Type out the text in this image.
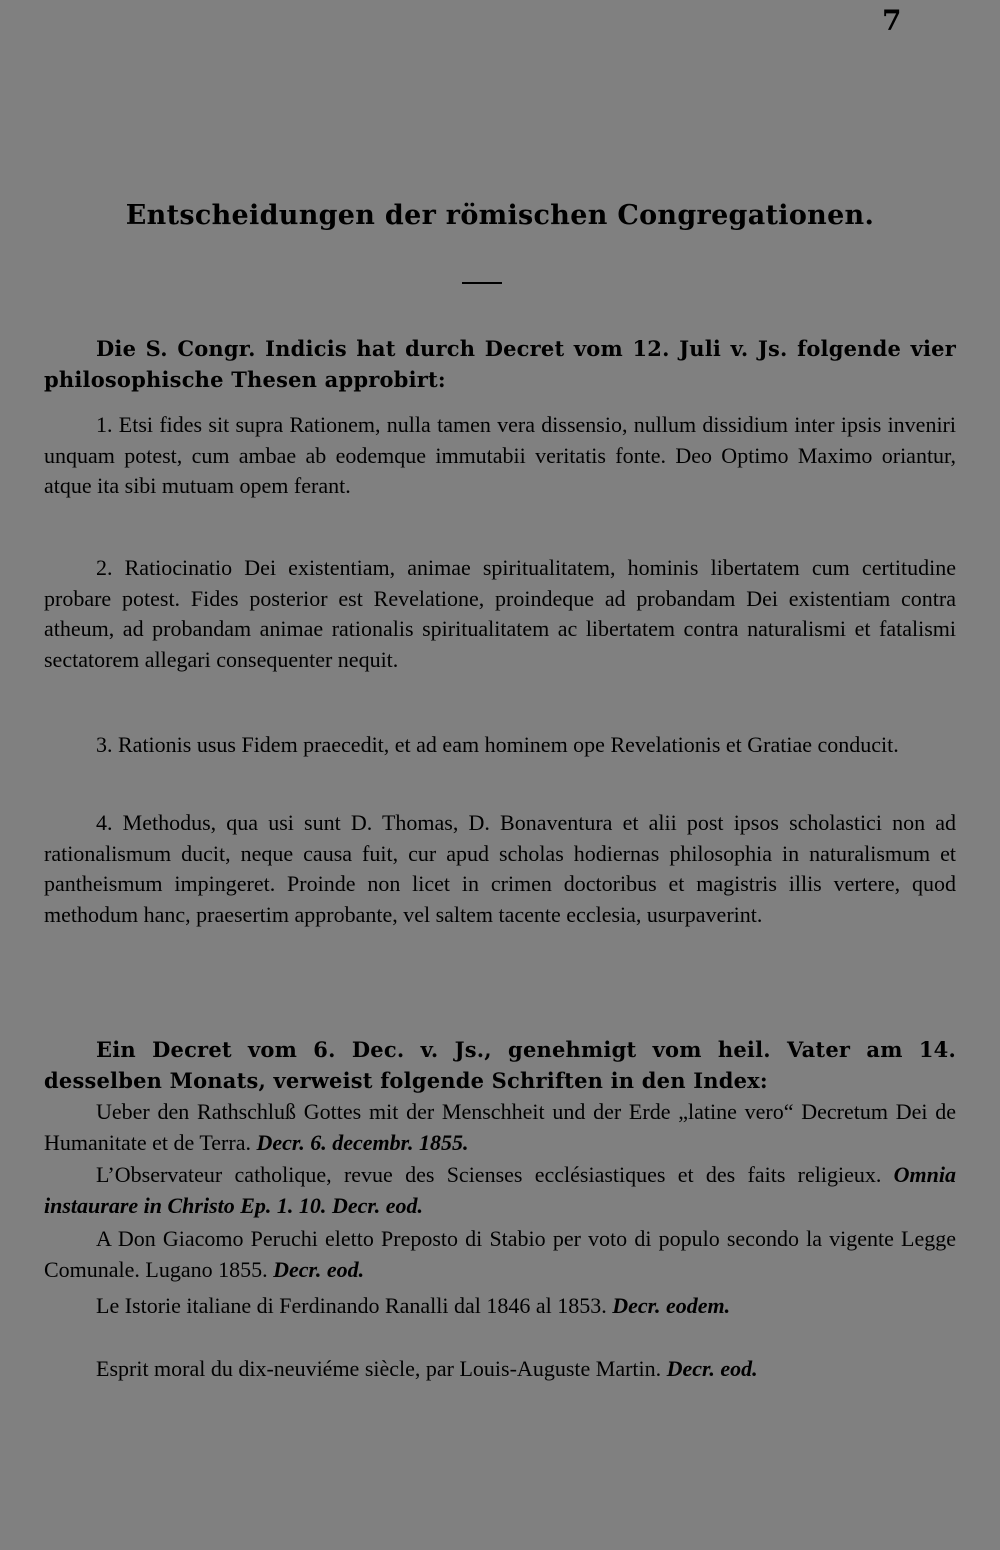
7
Entscheidungen der römischen Congregationen.

Die S. Congr. Indicis hat durch Decret vom 12. Juli v. Js. folgende vier philosophische Thesen approbirt:

1. Etsi fides sit supra Rationem, nulla tamen vera dissensio, nullum dissidium inter ipsis inveniri unquam potest, cum ambae ab eodemque immutabii veritatis fonte. Deo Optimo Maximo oriantur, atque ita sibi mutuam opem ferant.

2. Ratiocinatio Dei existentiam, animae spiritualitatem, hominis libertatem cum certitudine probare potest. Fides posterior est Revelatione, proindeque ad probandam Dei existentiam contra atheum, ad probandam animae rationalis spiritualitatem ac libertatem contra naturalismi et fatalismi sectatorem allegari consequenter nequit.

3. Rationis usus Fidem praecedit, et ad eam hominem ope Revelationis et Gratiae conducit.

4. Methodus, qua usi sunt D. Thomas, D. Bonaventura et alii post ipsos scholastici non ad rationalismum ducit, neque causa fuit, cur apud scholas hodiernas philosophia in naturalismum et pantheismum impingeret. Proinde non licet in crimen doctoribus et magistris illis vertere, quod methodum hanc, praesertim approbante, vel saltem tacente ecclesia, usurpaverint.

Ein Decret vom 6. Dec. v. Js., genehmigt vom heil. Vater am 14. desselben Monats, verweist folgende Schriften in den Index:

Ueber den Rathschluß Gottes mit der Menschheit und der Erde „latine vero“ Decretum Dei de Humanitate et de Terra. Decr. 6. decembr. 1855.

L’Observateur catholique, revue des Scienses ecclésiastiques et des faits religieux. Omnia instaurare in Christo Ep. 1. 10. Decr. eod.

A Don Giacomo Peruchi eletto Preposto di Stabio per voto di populo secondo la vigente Legge Comunale. Lugano 1855. Decr. eod.

Le Istorie italiane di Ferdinando Ranalli dal 1846 al 1853. Decr. eodem.

Esprit moral du dix-neuviéme siècle, par Louis-Auguste Martin. Decr. eod.
